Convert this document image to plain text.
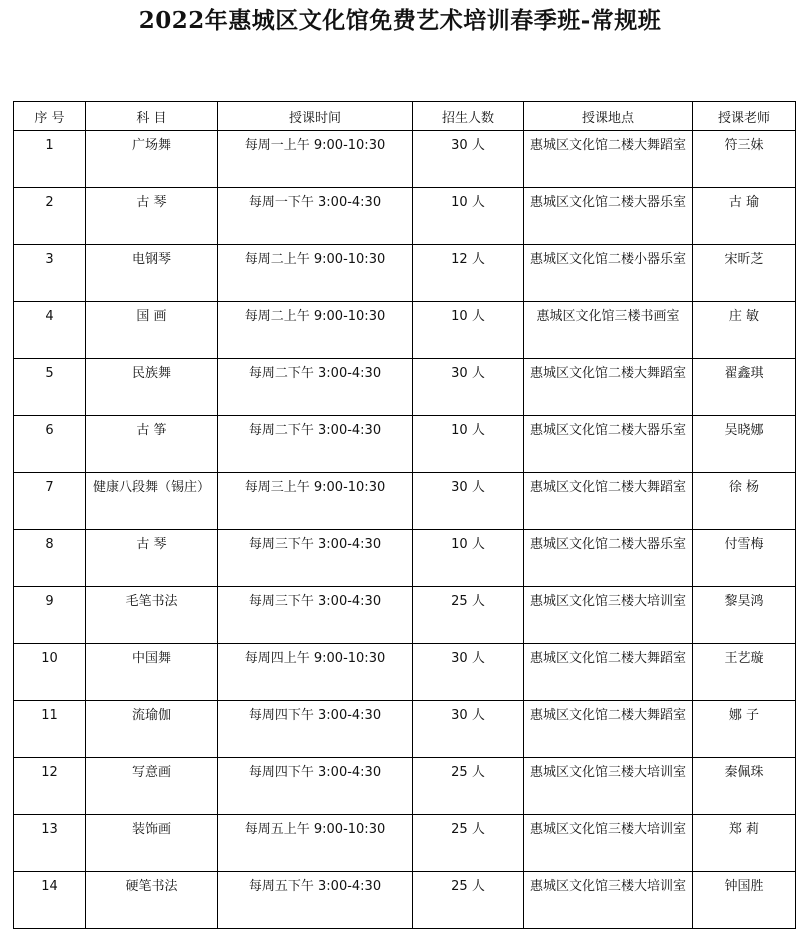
2022年惠城区文化馆免费艺术培训春季班-常规班
序 号	科 目	授课时间	招生人数	授课地点	授课老师

1	广场舞	每周一上午 9:00-10:30	30 人	惠城区文化馆二楼大舞蹈室	符三妹

2	古 琴	每周一下午 3:00-4:30	10 人	惠城区文化馆二楼大器乐室	古 瑜

3	电钢琴	每周二上午 9:00-10:30	12 人	惠城区文化馆二楼小器乐室	宋昕芝

4	国 画	每周二上午 9:00-10:30	10 人	惠城区文化馆三楼书画室	庄 敏

5	民族舞	每周二下午 3:00-4:30	30 人	惠城区文化馆二楼大舞蹈室	翟鑫琪

6	古 筝	每周二下午 3:00-4:30	10 人	惠城区文化馆二楼大器乐室	吴晓娜

7	健康八段舞（锡庄）	每周三上午 9:00-10:30	30 人	惠城区文化馆二楼大舞蹈室	徐 杨

8	古 琴	每周三下午 3:00-4:30	10 人	惠城区文化馆二楼大器乐室	付雪梅

9	毛笔书法	每周三下午 3:00-4:30	25 人	惠城区文化馆三楼大培训室	黎昊鸿

10	中国舞	每周四上午 9:00-10:30	30 人	惠城区文化馆二楼大舞蹈室	王艺璇

11	流瑜伽	每周四下午 3:00-4:30	30 人	惠城区文化馆二楼大舞蹈室	娜 子

12	写意画	每周四下午 3:00-4:30	25 人	惠城区文化馆三楼大培训室	秦佩珠

13	装饰画	每周五上午 9:00-10:30	25 人	惠城区文化馆三楼大培训室	郑 莉

14	硬笔书法	每周五下午 3:00-4:30	25 人	惠城区文化馆三楼大培训室	钟国胜
